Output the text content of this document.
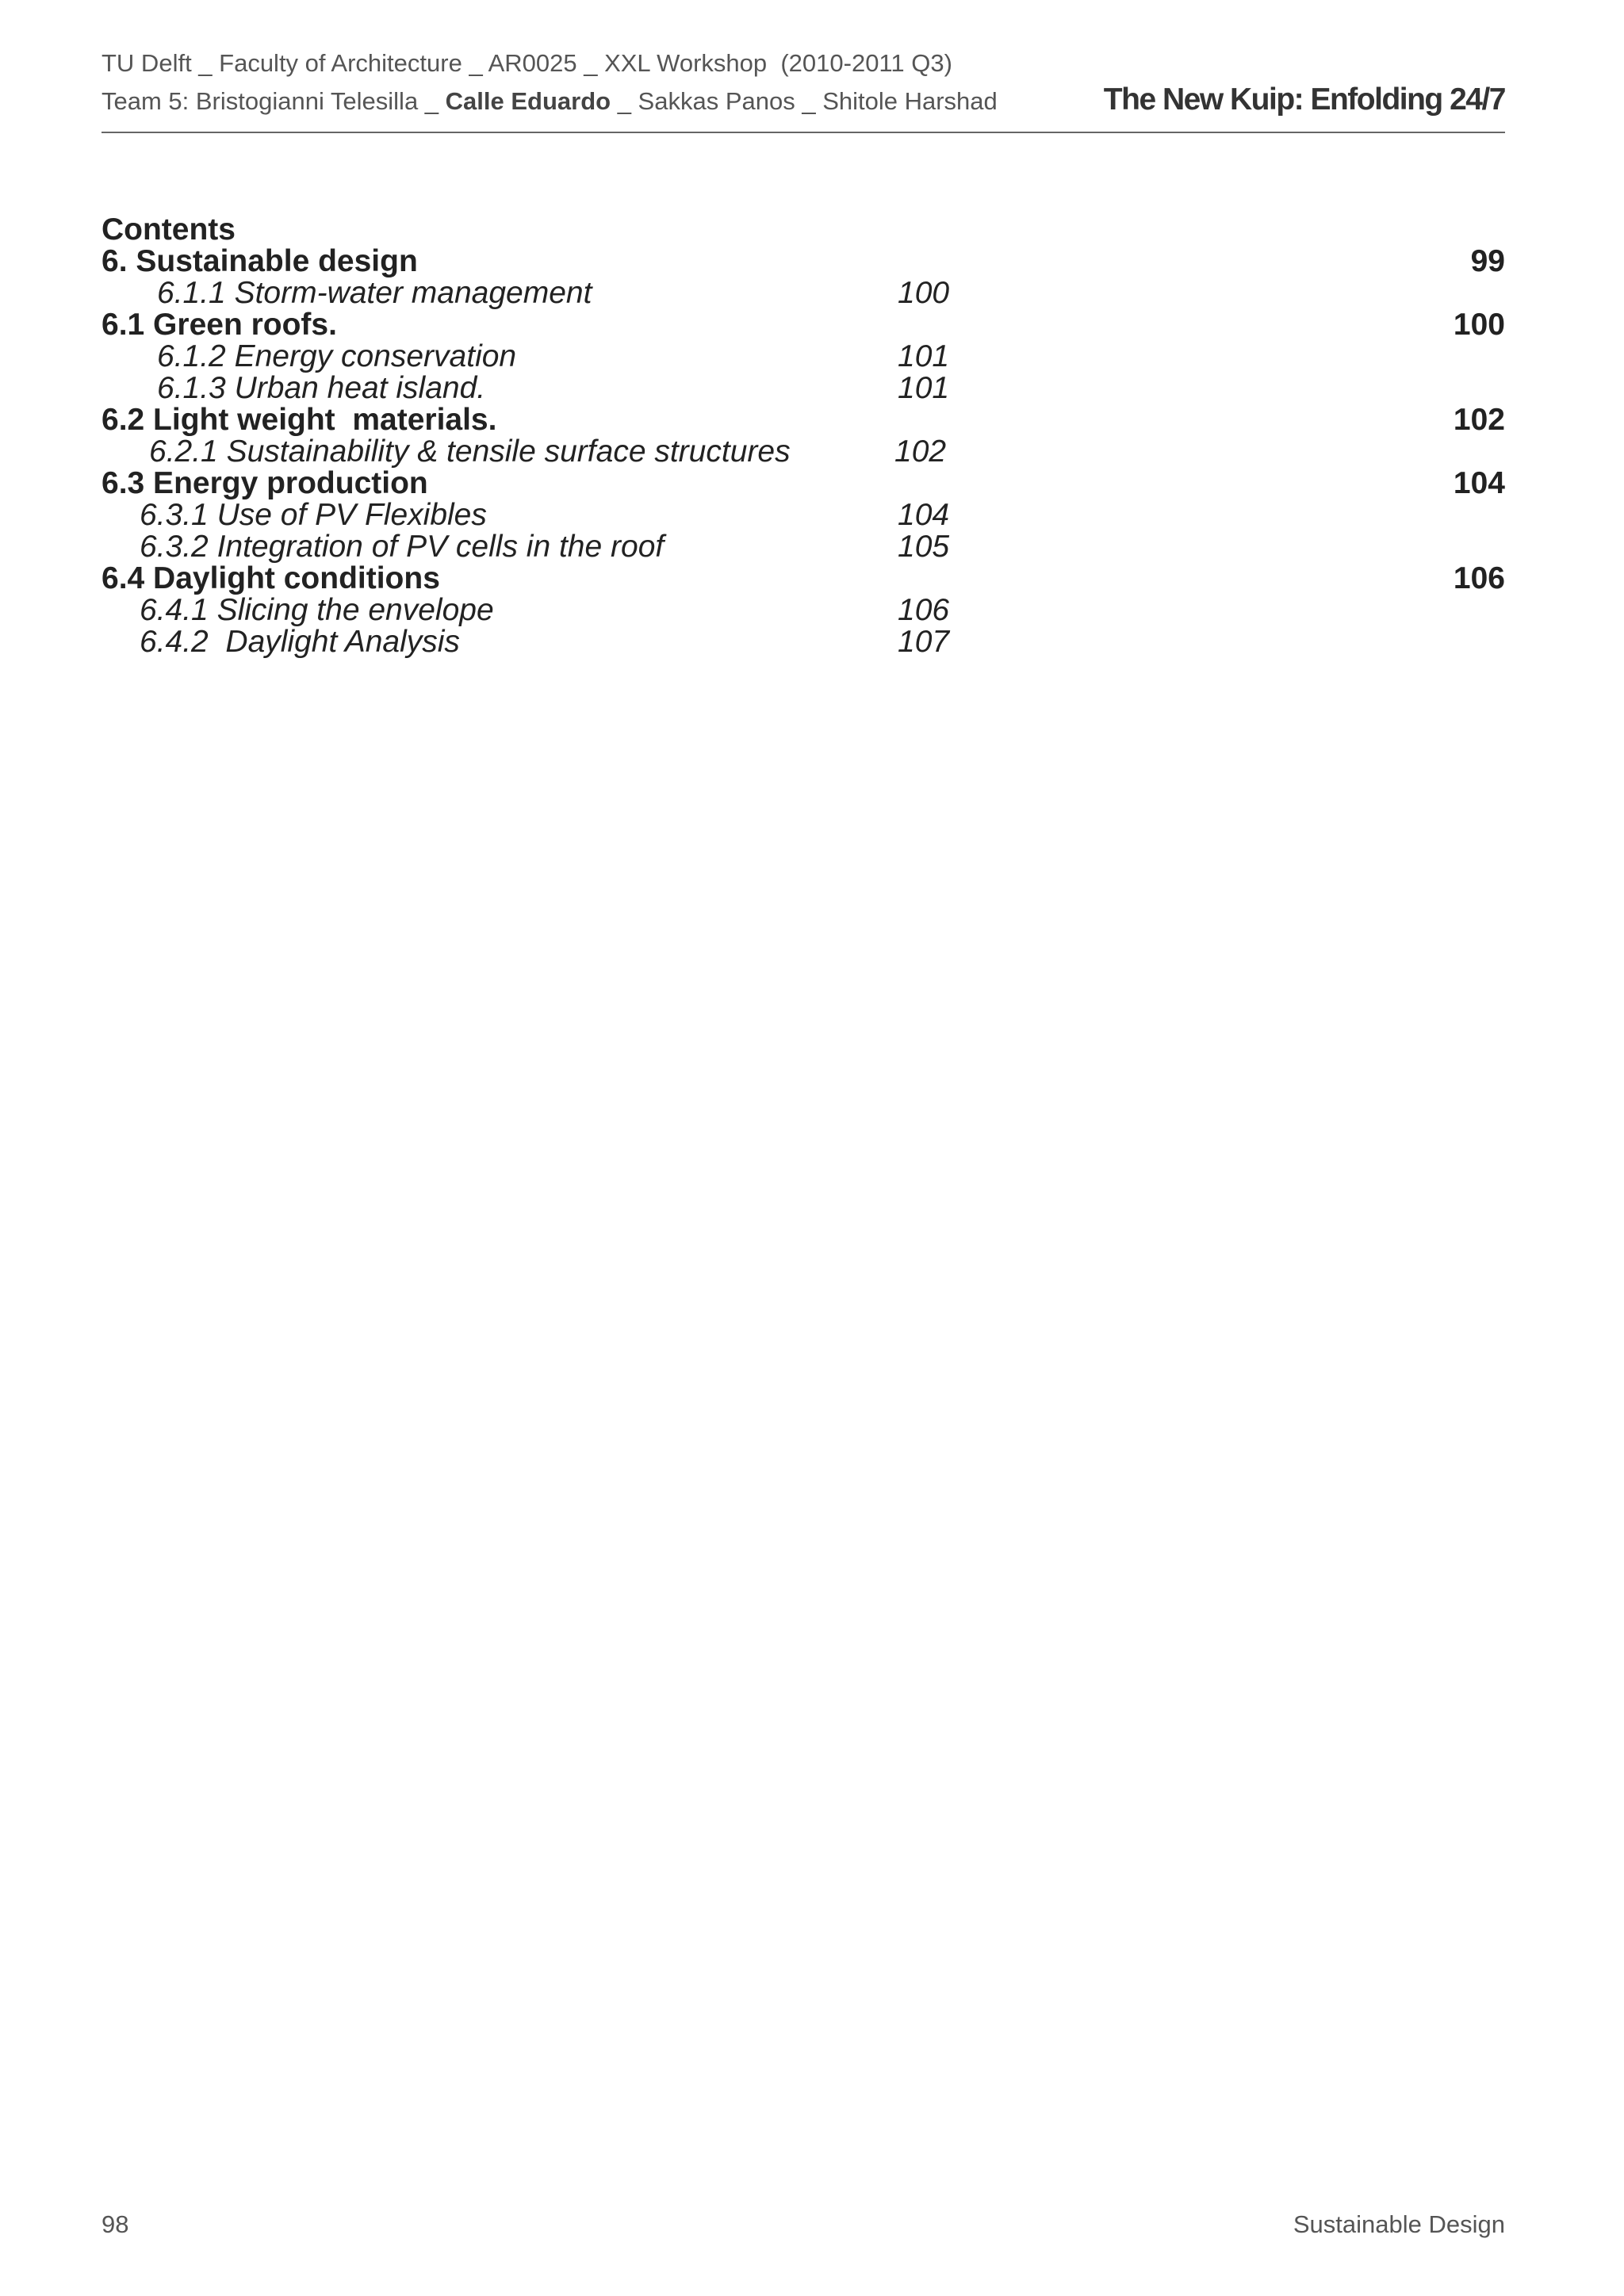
TU Delft _ Faculty of Architecture _ AR0025 _ XXL Workshop  (2010-2011 Q3)
Team 5: Bristogianni Telesilla _ Calle Eduardo _ Sakkas Panos _ Shitole Harshad	The New Kuip: Enfolding 24/7
Contents
6. Sustainable design	99
6.1.1 Storm-water management	100
6.1 Green roofs.	100
6.1.2 Energy conservation	101
6.1.3 Urban heat island.	101
6.2 Light weight  materials.	102
6.2.1 Sustainability & tensile surface structures	102
6.3 Energy production	104
6.3.1 Use of PV Flexibles	104
6.3.2 Integration of PV cells in the roof	105
6.4 Daylight conditions	106
6.4.1 Slicing the envelope	106
6.4.2  Daylight Analysis	107
98	Sustainable Design
